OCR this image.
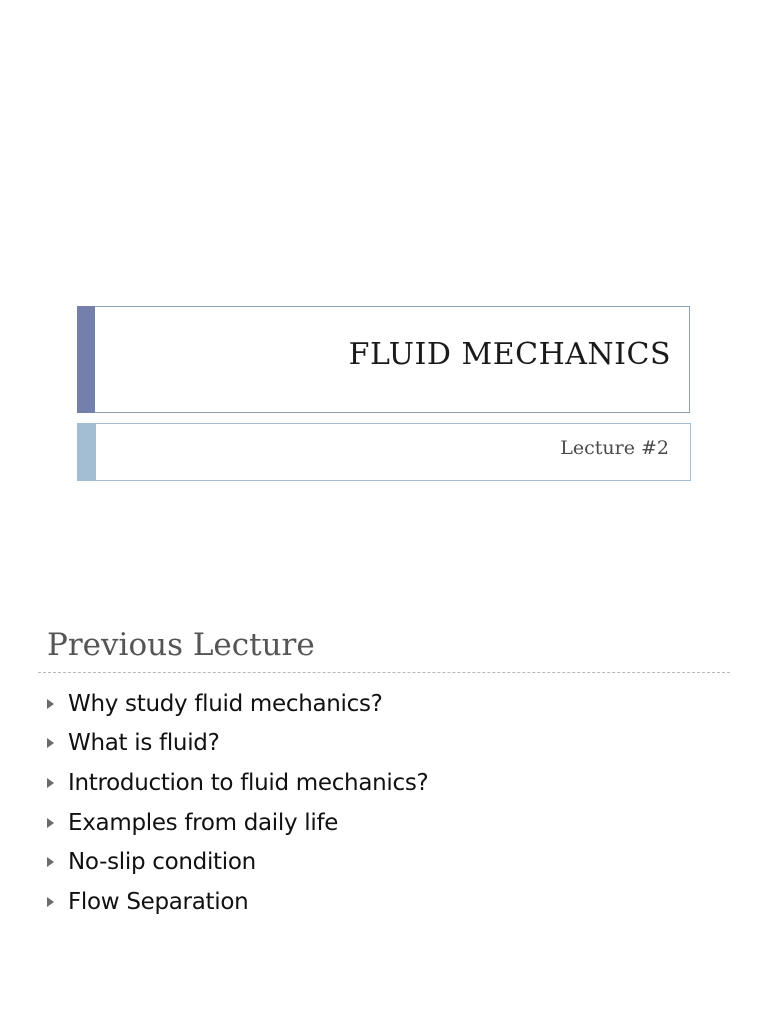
FLUID MECHANICS
Lecture #2
Previous Lecture
Why study fluid mechanics?
What is fluid?
Introduction to fluid mechanics?
Examples from daily life
No-slip condition
Flow Separation
